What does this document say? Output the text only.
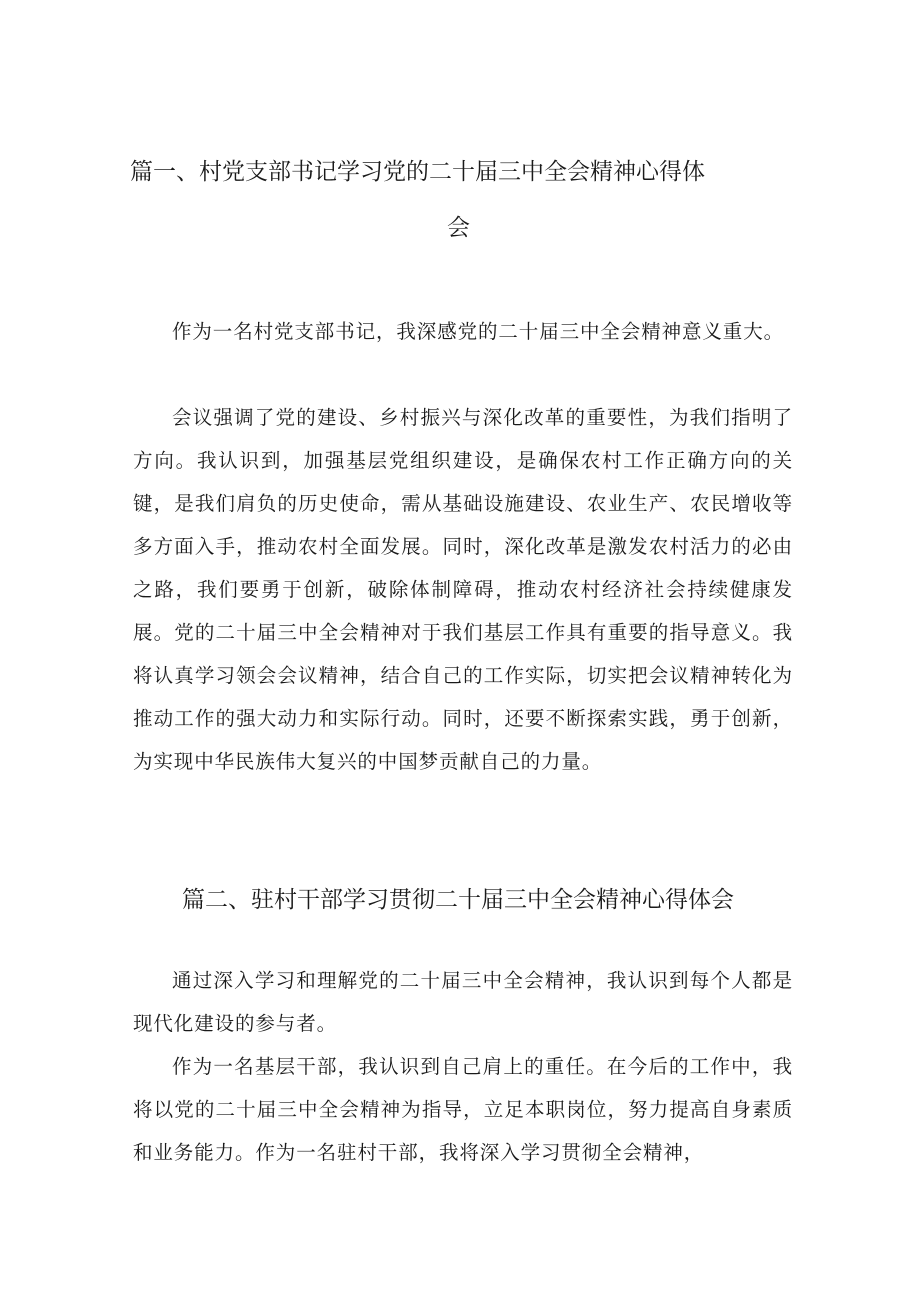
篇一、村党支部书记学习党的二十届三中全会精神心得体
会

作为一名村党支部书记，我深感党的二十届三中全会精神意义重大。

会议强调了党的建设、乡村振兴与深化改革的重要性，为我们指明了方向。我认识到，加强基层党组织建设，是确保农村工作正确方向的关键，是我们肩负的历史使命，需从基础设施建设、农业生产、农民增收等多方面入手，推动农村全面发展。同时，深化改革是激发农村活力的必由之路，我们要勇于创新，破除体制障碍，推动农村经济社会持续健康发展。党的二十届三中全会精神对于我们基层工作具有重要的指导意义。我将认真学习领会会议精神，结合自己的工作实际，切实把会议精神转化为推动工作的强大动力和实际行动。同时，还要不断探索实践，勇于创新，为实现中华民族伟大复兴的中国梦贡献自己的力量。

篇二、驻村干部学习贯彻二十届三中全会精神心得体会

通过深入学习和理解党的二十届三中全会精神，我认识到每个人都是现代化建设的参与者。

作为一名基层干部，我认识到自己肩上的重任。在今后的工作中，我将以党的二十届三中全会精神为指导，立足本职岗位，努力提高自身素质和业务能力。作为一名驻村干部，我将深入学习贯彻全会精神，
